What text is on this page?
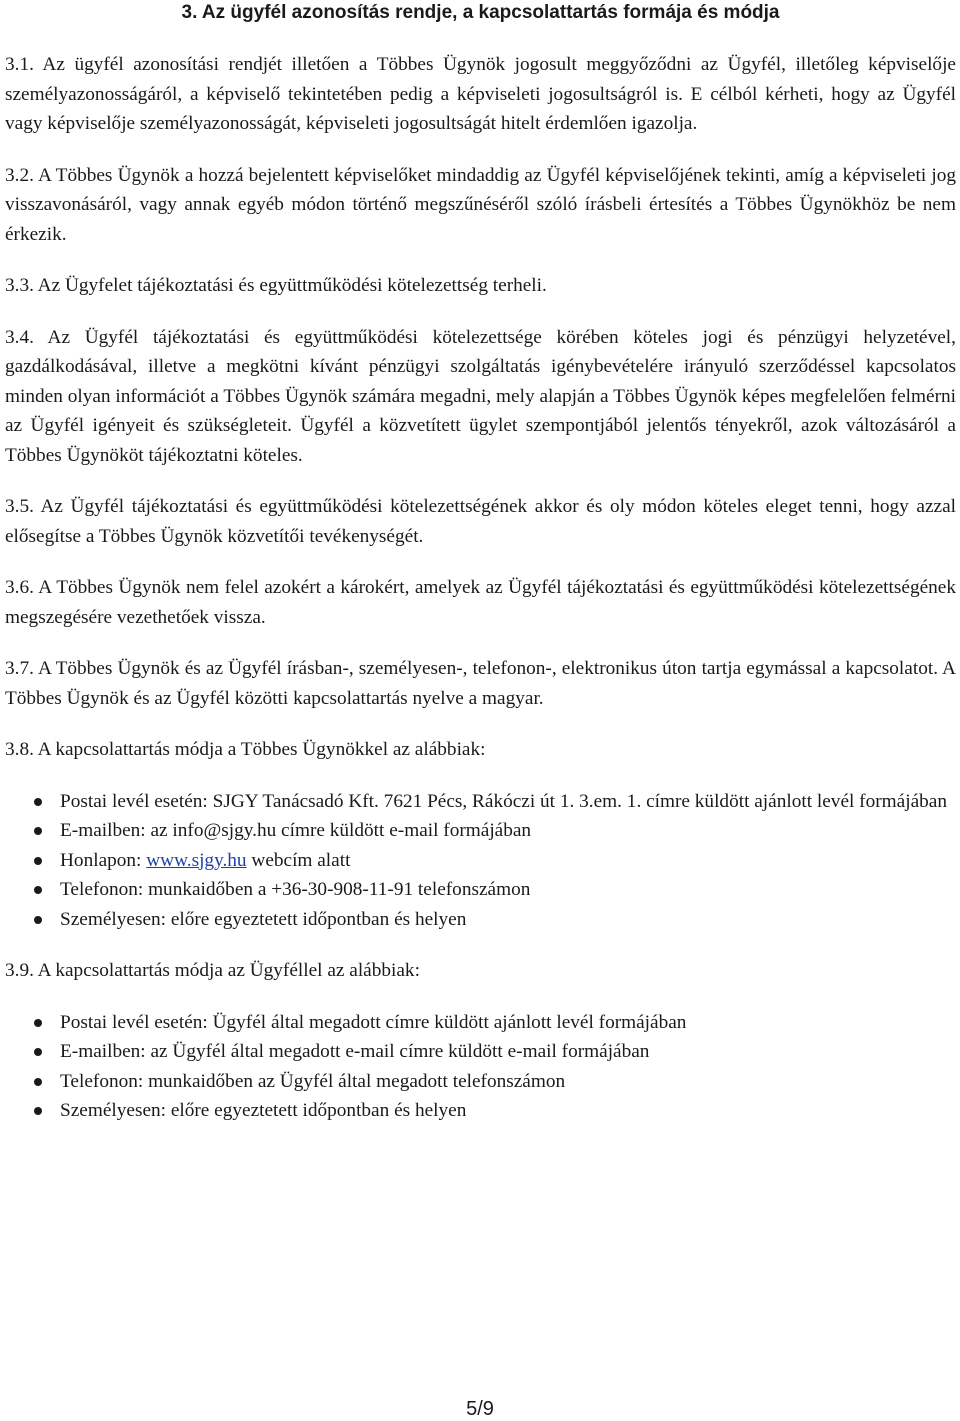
3. Az ügyfél azonosítás rendje, a kapcsolattartás formája és módja

3.1. Az ügyfél azonosítási rendjét illetően a Többes Ügynök jogosult meggyőződni az Ügyfél, illetőleg képviselője személyazonosságáról, a képviselő tekintetében pedig a képviseleti jogosultságról is. E célból kérheti, hogy az Ügyfél vagy képviselője személyazonosságát, képviseleti jogosultságát hitelt érdemlően igazolja.

3.2. A Többes Ügynök a hozzá bejelentett képviselőket mindaddig az Ügyfél képviselőjének tekinti, amíg a képviseleti jog visszavonásáról, vagy annak egyéb módon történő megszűnéséről szóló írásbeli értesítés a Többes Ügynökhöz be nem érkezik.

3.3. Az Ügyfelet tájékoztatási és együttműködési kötelezettség terheli.

3.4. Az Ügyfél tájékoztatási és együttműködési kötelezettsége körében köteles jogi és pénzügyi helyzetével, gazdálkodásával, illetve a megkötni kívánt pénzügyi szolgáltatás igénybevételére irányuló szerződéssel kapcsolatos minden olyan információt a Többes Ügynök számára megadni, mely alapján a Többes Ügynök képes megfelelően felmérni az Ügyfél igényeit és szükségleteit. Ügyfél a közvetített ügylet szempontjából jelentős tényekről, azok változásáról a Többes Ügynököt tájékoztatni köteles.

3.5. Az Ügyfél tájékoztatási és együttműködési kötelezettségének akkor és oly módon köteles eleget tenni, hogy azzal elősegítse a Többes Ügynök közvetítői tevékenységét.

3.6. A Többes Ügynök nem felel azokért a károkért, amelyek az Ügyfél tájékoztatási és együttműködési kötelezettségének megszegésére vezethetőek vissza.

3.7. A Többes Ügynök és az Ügyfél írásban-, személyesen-, telefonon-, elektronikus úton tartja egymással a kapcsolatot. A Többes Ügynök és az Ügyfél közötti kapcsolattartás nyelve a magyar.

3.8. A kapcsolattartás módja a Többes Ügynökkel az alábbiak:

Postai levél esetén: SJGY Tanácsadó Kft. 7621 Pécs, Rákóczi út 1. 3.em. 1. címre küldött ajánlott levél formájában
E-mailben: az info@sjgy.hu címre küldött e-mail formájában
Honlapon: www.sjgy.hu webcím alatt
Telefonon: munkaidőben a +36-30-908-11-91 telefonszámon
Személyesen: előre egyeztetett időpontban és helyen

3.9. A kapcsolattartás módja az Ügyféllel az alábbiak:

Postai levél esetén: Ügyfél által megadott címre küldött ajánlott levél formájában
E-mailben: az Ügyfél által megadott e-mail címre küldött e-mail formájában
Telefonon: munkaidőben az Ügyfél által megadott telefonszámon
Személyesen: előre egyeztetett időpontban és helyen
5/9
